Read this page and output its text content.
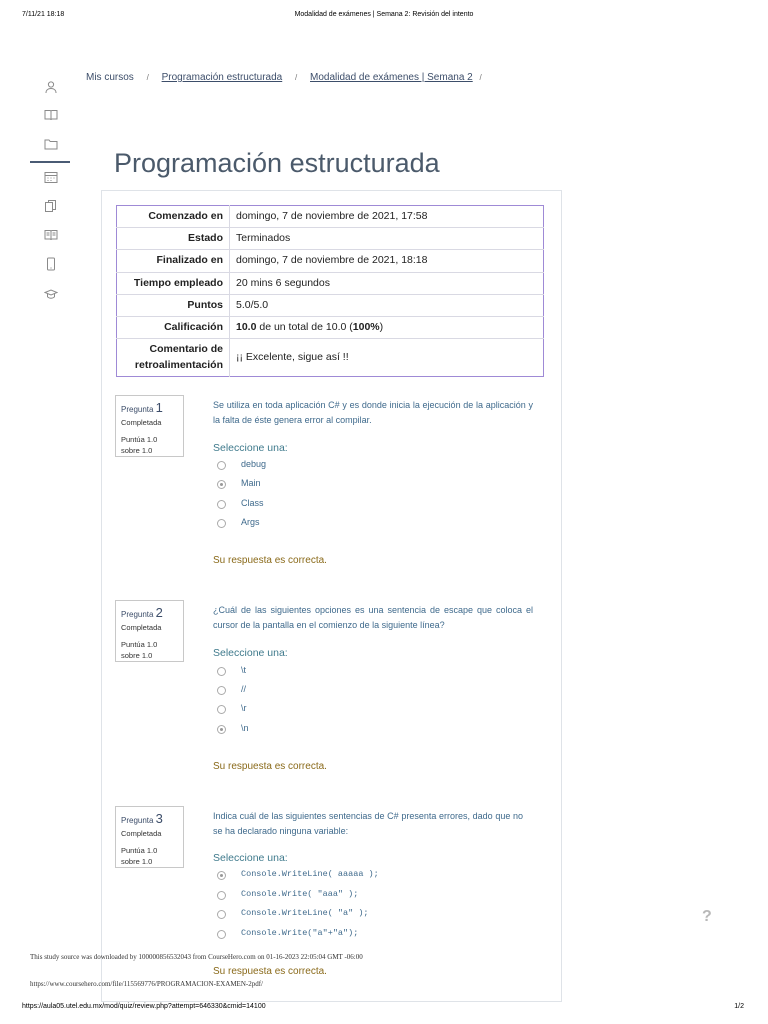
7/11/21 18:18	Modalidad de exámenes | Semana 2: Revisión del intento
Mis cursos / Programación estructurada / Modalidad de exámenes | Semana 2 /
Programación estructurada
Comenzado en	domingo, 7 de noviembre de 2021, 17:58
Estado	Terminados
Finalizado en	domingo, 7 de noviembre de 2021, 18:18
Tiempo empleado	20 mins 6 segundos
Puntos	5.0/5.0
Calificación	10.0 de un total de 10.0 (100%)
Comentario de retroalimentación	¡¡ Excelente, sigue así !!
Pregunta 1
Completada
Puntúa 1.0
sobre 1.0
Se utiliza en toda aplicación C# y es donde inicia la ejecución de la aplicación y la falta de éste genera error al compilar.
Seleccione una:
debug
Main
Class
Args
Su respuesta es correcta.
Pregunta 2
Completada
Puntúa 1.0
sobre 1.0
¿Cuál de las siguientes opciones es una sentencia de escape que coloca el cursor de la pantalla en el comienzo de la siguiente línea?
Seleccione una:
\t
//
\r
\n
Su respuesta es correcta.
Pregunta 3
Completada
Puntúa 1.0
sobre 1.0
Indica cuál de las siguientes sentencias de C# presenta errores, dado que no se ha declarado ninguna variable:
Seleccione una:
Console.WriteLine( aaaaa );
Console.Write( "aaa" );
Console.WriteLine( "a" );
Console.Write("a"+"a");
Su respuesta es correcta.
?
This study source was downloaded by 100000856532043 from CourseHero.com on 01-16-2023 22:05:04 GMT -06:00
https://www.coursehero.com/file/115569776/PROGRAMACION-EXAMEN-2pdf/
https://aula05.utel.edu.mx/mod/quiz/review.php?attempt=646330&cmid=14100	1/2
